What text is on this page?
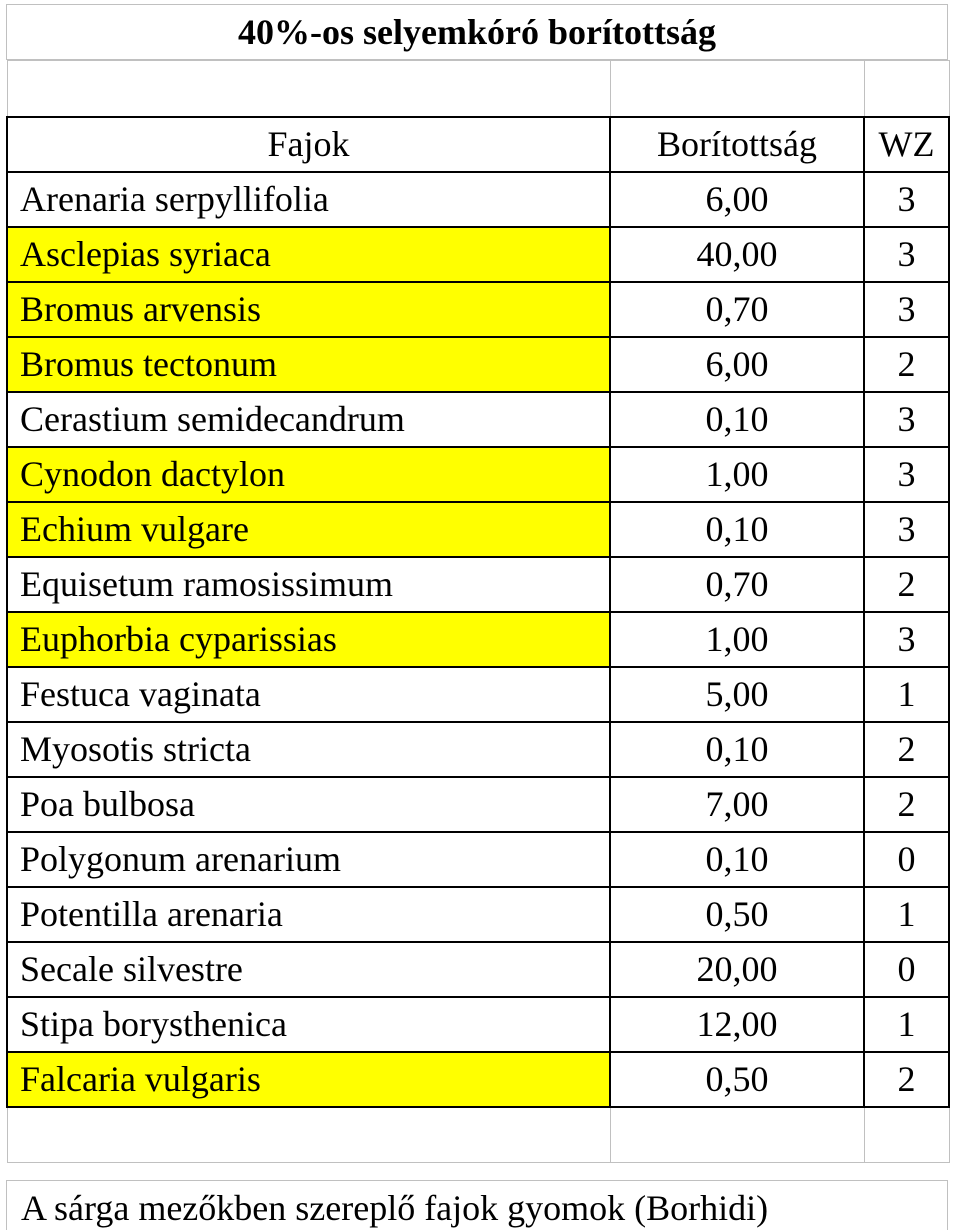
40%-os selyemkóró borítottság

Fajok	Borítottság	WZ
Arenaria serpyllifolia	6,00	3
Asclepias syriaca	40,00	3
Bromus arvensis	0,70	3
Bromus tectonum	6,00	2
Cerastium semidecandrum	0,10	3
Cynodon dactylon	1,00	3
Echium vulgare	0,10	3
Equisetum ramosissimum	0,70	2
Euphorbia cyparissias	1,00	3
Festuca vaginata	5,00	1
Myosotis stricta	0,10	2
Poa bulbosa	7,00	2
Polygonum arenarium	0,10	0
Potentilla arenaria	0,50	1
Secale silvestre	20,00	0
Stipa borysthenica	12,00	1
Falcaria vulgaris	0,50	2

A sárga mezőkben szereplő fajok gyomok (Borhidi)
